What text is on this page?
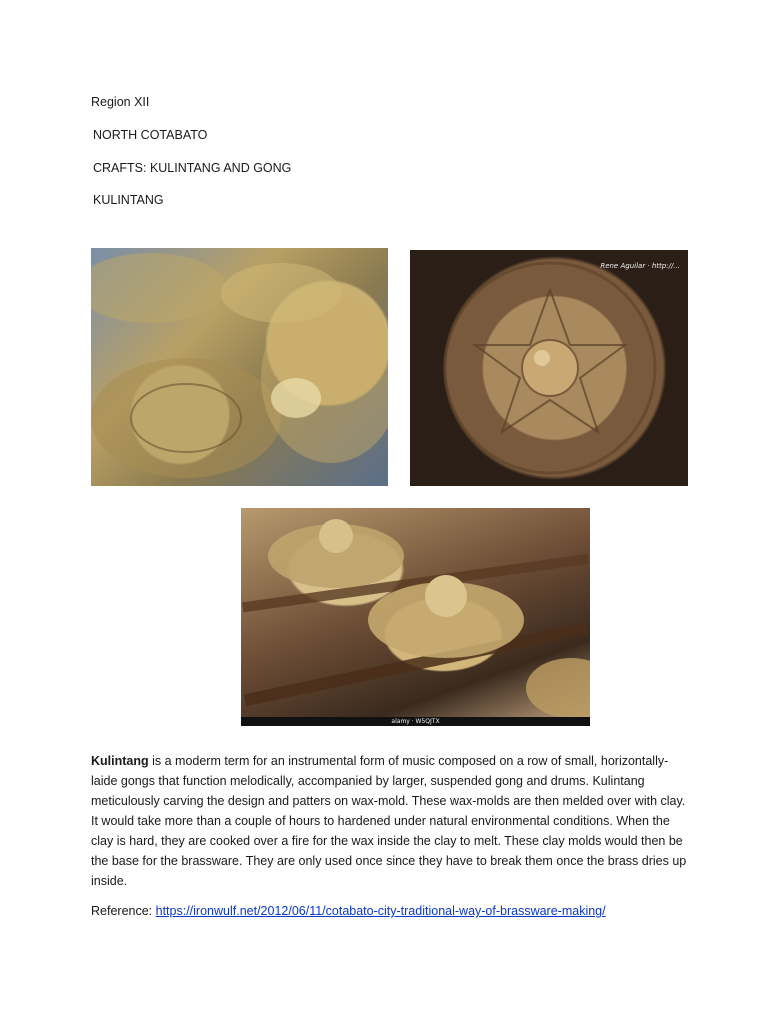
Region XII
NORTH COTABATO
CRAFTS: KULINTANG AND GONG
KULINTANG
Rene Aguilar · http://...
alamy · W5QJTX
Kulintang is a moderm term for an instrumental form of music composed on a row of small, horizontally- laide gongs that function melodically, accompanied by larger, suspended gong and drums. Kulintang meticulously carving the design and patters on wax-mold. These wax-molds are then melded over with clay. It would take more than a couple of hours to hardened under natural environmental conditions. When the clay is hard, they are cooked over a fire for the wax inside the clay to melt. These clay molds would then be the base for the brassware. They are only used once since they have to break them once the brass dries up inside.
Reference: https://ironwulf.net/2012/06/11/cotabato-city-traditional-way-of-brassware-making/
